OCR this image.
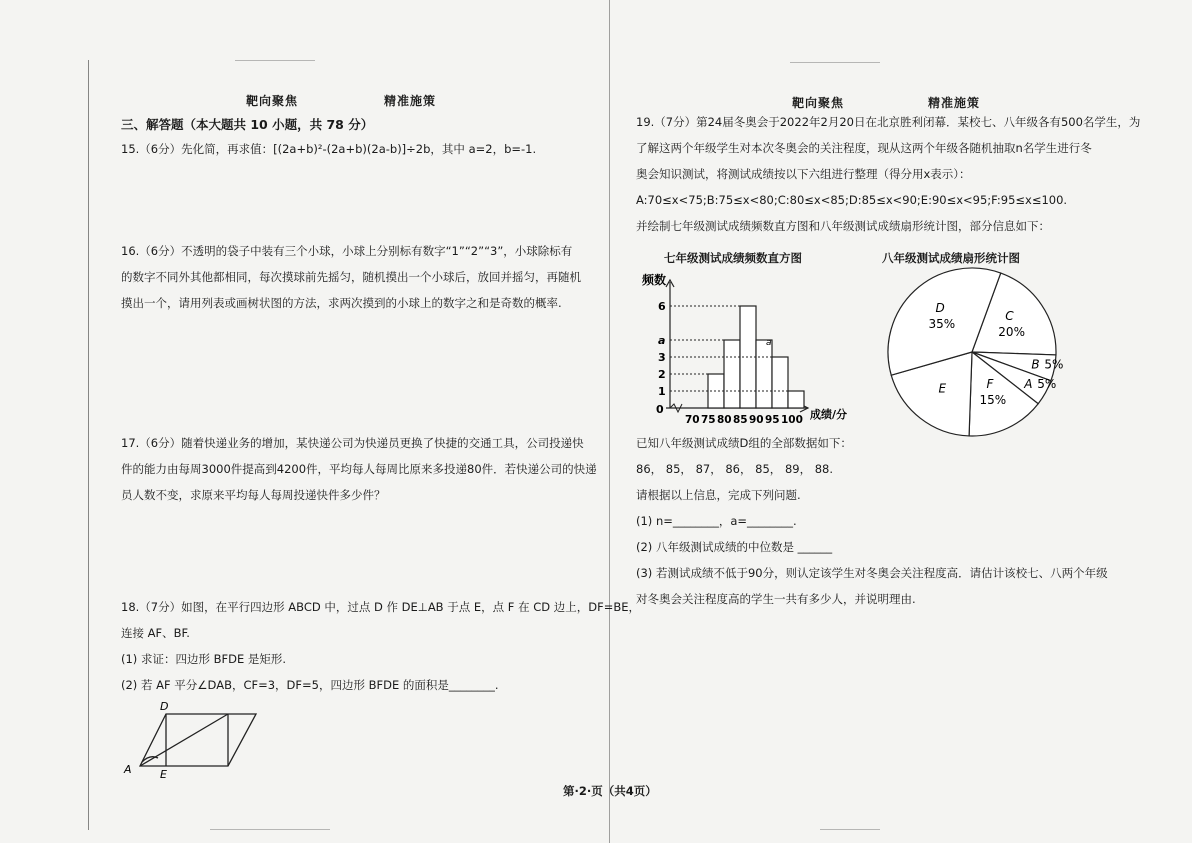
靶向聚焦	精准施策
三、解答题（本大题共 10 小题，共 78 分）
15.（6分）先化简，再求值：[(2a+b)²-(2a+b)(2a-b)]÷2b，其中 a=2，b=-1.
16.（6分）不透明的袋子中装有三个小球，小球上分别标有数字“1”“2”“3”，小球除标有
的数字不同外其他都相同，每次摸球前先摇匀，随机摸出一个小球后，放回并摇匀，再随机
摸出一个，请用列表或画树状图的方法，求两次摸到的小球上的数字之和是奇数的概率.
17.（6分）随着快递业务的增加，某快递公司为快递员更换了快捷的交通工具，公司投递快
件的能力由每周3000件提高到4200件，平均每人每周比原来多投递80件．若快递公司的快递
员人数不变，求原来平均每人每周投递快件多少件？
18.（7分）如图，在平行四边形 ABCD 中，过点 D 作 DE⊥AB 于点 E，点 F 在 CD 边上，DF=BE，
连接 AF、BF.
(1) 求证：四边形 BFDE 是矩形.
(2) 若 AF 平分∠DAB，CF=3，DF=5，四边形 BFDE 的面积是________.
D
A	E
靶向聚焦	精准施策
19.（7分）第24届冬奥会于2022年2月20日在北京胜利闭幕．某校七、八年级各有500名学生，为
了解这两个年级学生对本次冬奥会的关注程度，现从这两个年级各随机抽取n名学生进行冬
奥会知识测试，将测试成绩按以下六组进行整理（得分用x表示）：
A:70≤x<75;B:75≤x<80;C:80≤x<85;D:85≤x<90;E:90≤x<95;F:95≤x≤100.
并绘制七年级测试成绩频数直方图和八年级测试成绩扇形统计图，部分信息如下：
七年级测试成绩频数直方图	八年级测试成绩扇形统计图
1
2
3
a
6
70 75 80 85 90 95 100
频数
成绩/分
0
a
C
20%
B 5%
A 5%
F
15%
E
D
35%
已知八年级测试成绩D组的全部数据如下：
86， 85， 87， 86， 85， 89， 88.
请根据以上信息，完成下列问题.
(1) n=________，a=________.
(2) 八年级测试成绩的中位数是 ______
(3) 若测试成绩不低于90分，则认定该学生对冬奥会关注程度高．请估计该校七、八两个年级
对冬奥会关注程度高的学生一共有多少人，并说明理由.
第·2·页（共4页）
